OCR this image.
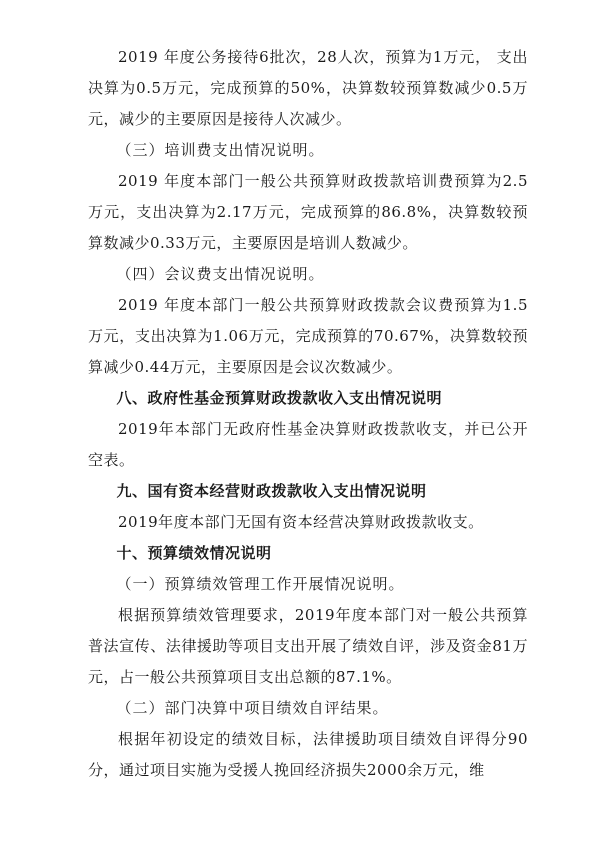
2019 年度公务接待6批次，28人次，预算为1万元， 支出决算为0.5万元，完成预算的50%，决算数较预算数减少0.5万元，减少的主要原因是接待人次减少。

（三）培训费支出情况说明。

2019 年度本部门一般公共预算财政拨款培训费预算为2.5万元，支出决算为2.17万元，完成预算的86.8%，决算数较预算数减少0.33万元，主要原因是培训人数减少。

（四）会议费支出情况说明。

2019 年度本部门一般公共预算财政拨款会议费预算为1.5万元，支出决算为1.06万元，完成预算的70.67%，决算数较预算减少0.44万元，主要原因是会议次数减少。

八、政府性基金预算财政拨款收入支出情况说明

2019年本部门无政府性基金决算财政拨款收支，并已公开空表。

九、国有资本经营财政拨款收入支出情况说明

2019年度本部门无国有资本经营决算财政拨款收支。

十、预算绩效情况说明

（一）预算绩效管理工作开展情况说明。

根据预算绩效管理要求，2019年度本部门对一般公共预算普法宣传、法律援助等项目支出开展了绩效自评，涉及资金81万元，占一般公共预算项目支出总额的87.1%。

（二）部门决算中项目绩效自评结果。

根据年初设定的绩效目标，法律援助项目绩效自评得分90分，通过项目实施为受援人挽回经济损失2000余万元，维
